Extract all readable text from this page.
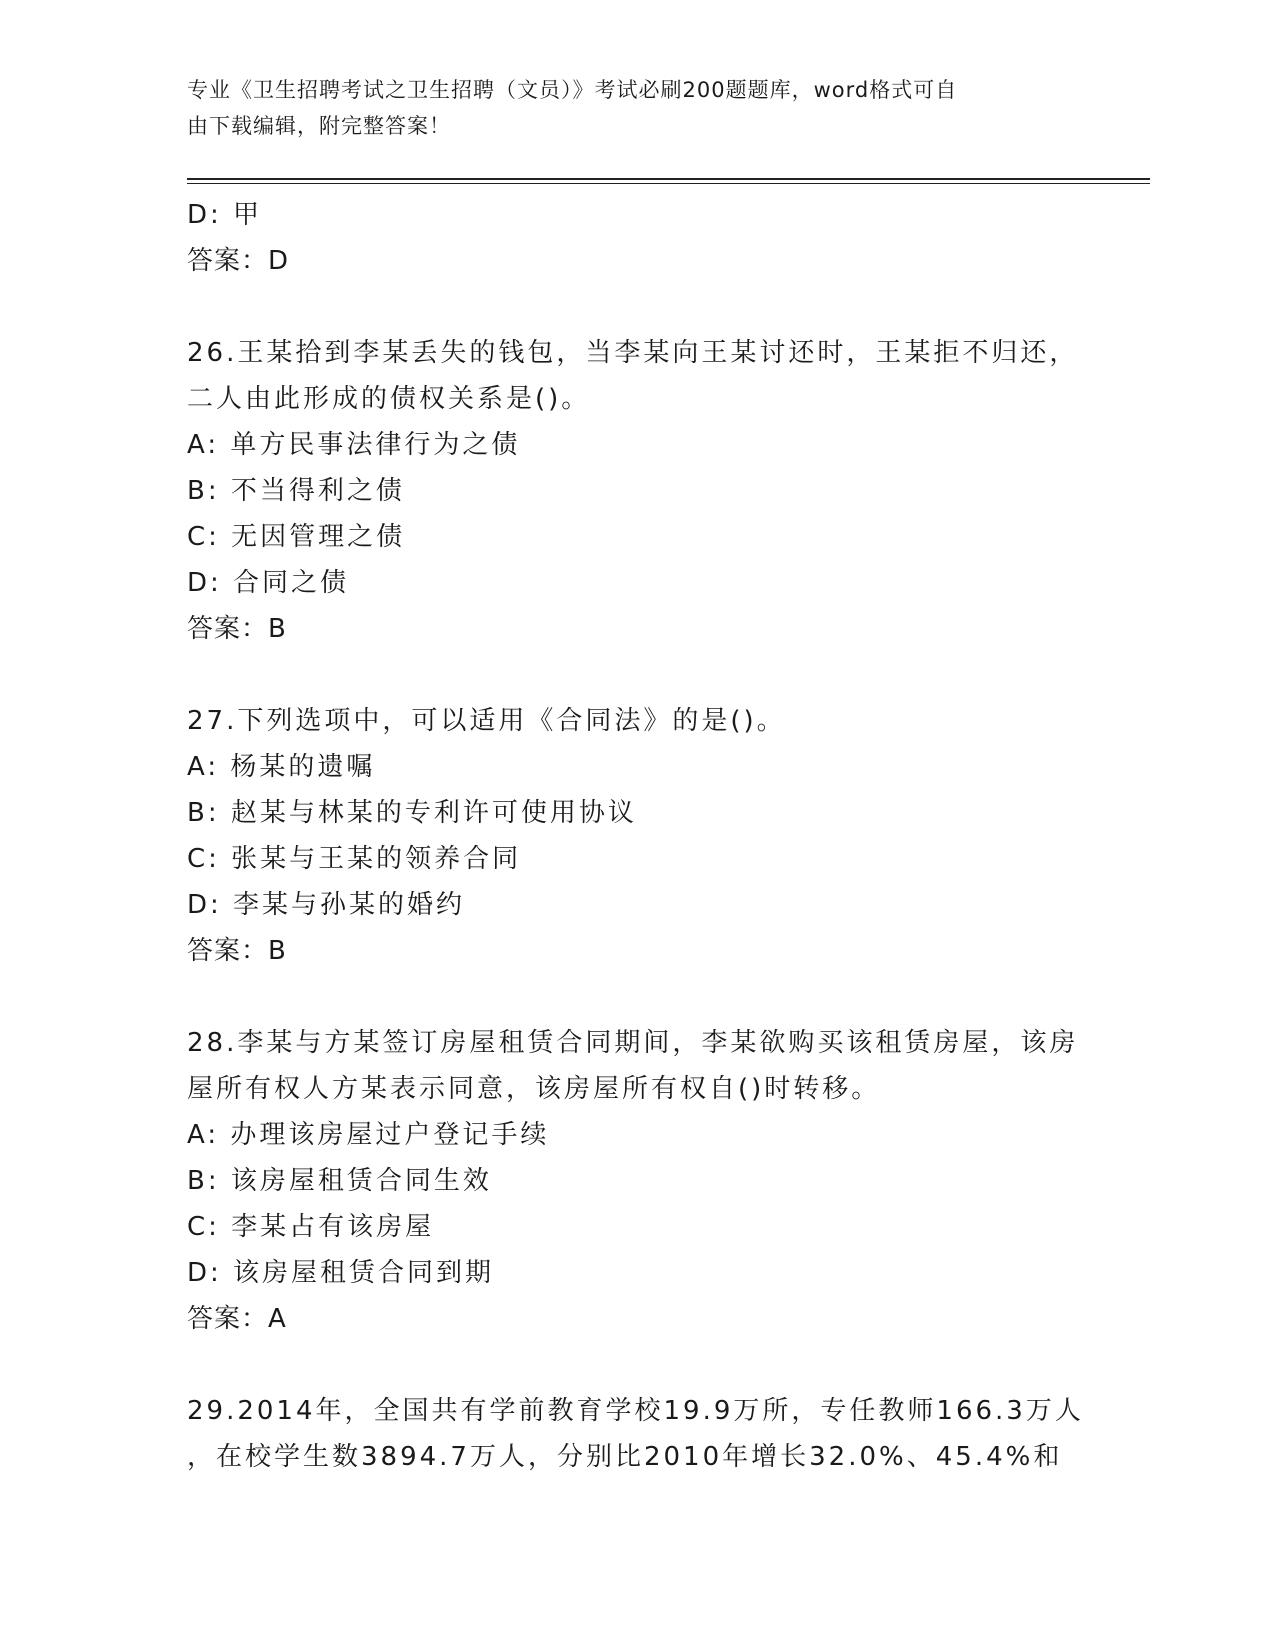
专业《卫生招聘考试之卫生招聘（文员）》考试必刷200题题库，word格式可自
由下载编辑，附完整答案！
D: 甲
答案：D
26.王某拾到李某丢失的钱包，当李某向王某讨还时，王某拒不归还，
二人由此形成的债权关系是()。
A: 单方民事法律行为之债
B: 不当得利之债
C: 无因管理之债
D: 合同之债
答案：B
27.下列选项中，可以适用《合同法》的是()。
A: 杨某的遗嘱
B: 赵某与林某的专利许可使用协议
C: 张某与王某的领养合同
D: 李某与孙某的婚约
答案：B
28.李某与方某签订房屋租赁合同期间，李某欲购买该租赁房屋，该房
屋所有权人方某表示同意，该房屋所有权自()时转移。
A: 办理该房屋过户登记手续
B: 该房屋租赁合同生效
C: 李某占有该房屋
D: 该房屋租赁合同到期
答案：A
29.2014年，全国共有学前教育学校19.9万所，专任教师166.3万人
，在校学生数3894.7万人，分别比2010年增长32.0%、45.4%和
